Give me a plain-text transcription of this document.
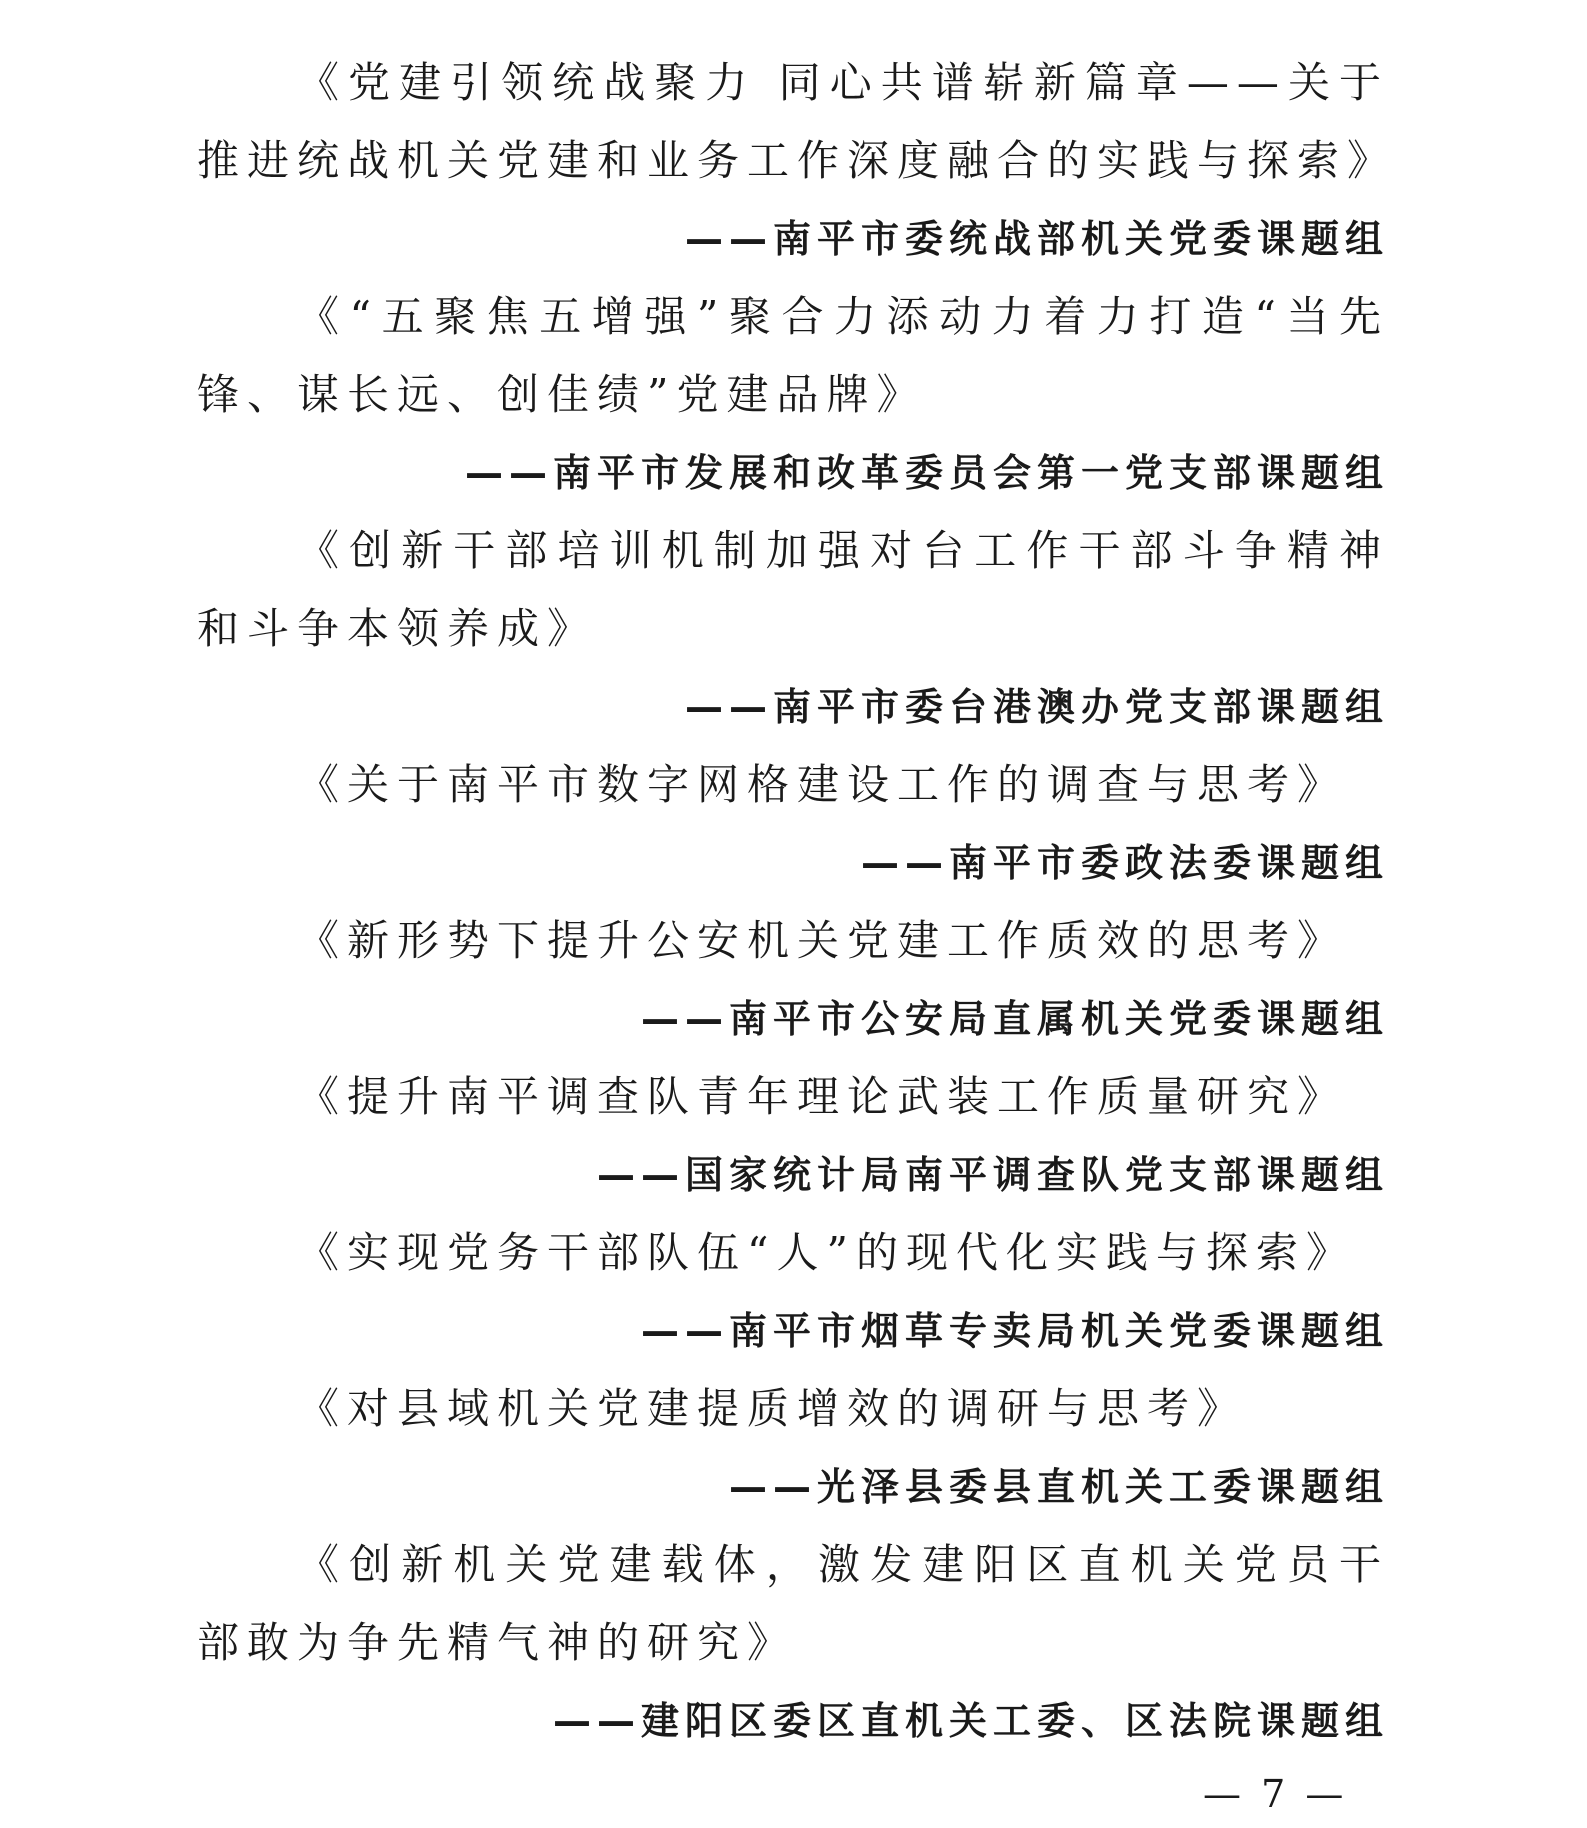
《党建引领统战聚力 同心共谱崭新篇章——关于推进统战机关党建和业务工作深度融合的实践与探索》

——南平市委统战部机关党委课题组

《“五聚焦五增强”聚合力添动力着力打造“当先锋、谋长远、创佳绩”党建品牌》

——南平市发展和改革委员会第一党支部课题组

《创新干部培训机制加强对台工作干部斗争精神和斗争本领养成》

——南平市委台港澳办党支部课题组

《关于南平市数字网格建设工作的调查与思考》

——南平市委政法委课题组

《新形势下提升公安机关党建工作质效的思考》

——南平市公安局直属机关党委课题组

《提升南平调查队青年理论武装工作质量研究》

——国家统计局南平调查队党支部课题组

《实现党务干部队伍“人”的现代化实践与探索》

——南平市烟草专卖局机关党委课题组

《对县域机关党建提质增效的调研与思考》

——光泽县委县直机关工委课题组

《创新机关党建载体，激发建阳区直机关党员干部敢为争先精气神的研究》

——建阳区委区直机关工委、区法院课题组

— 7 —
